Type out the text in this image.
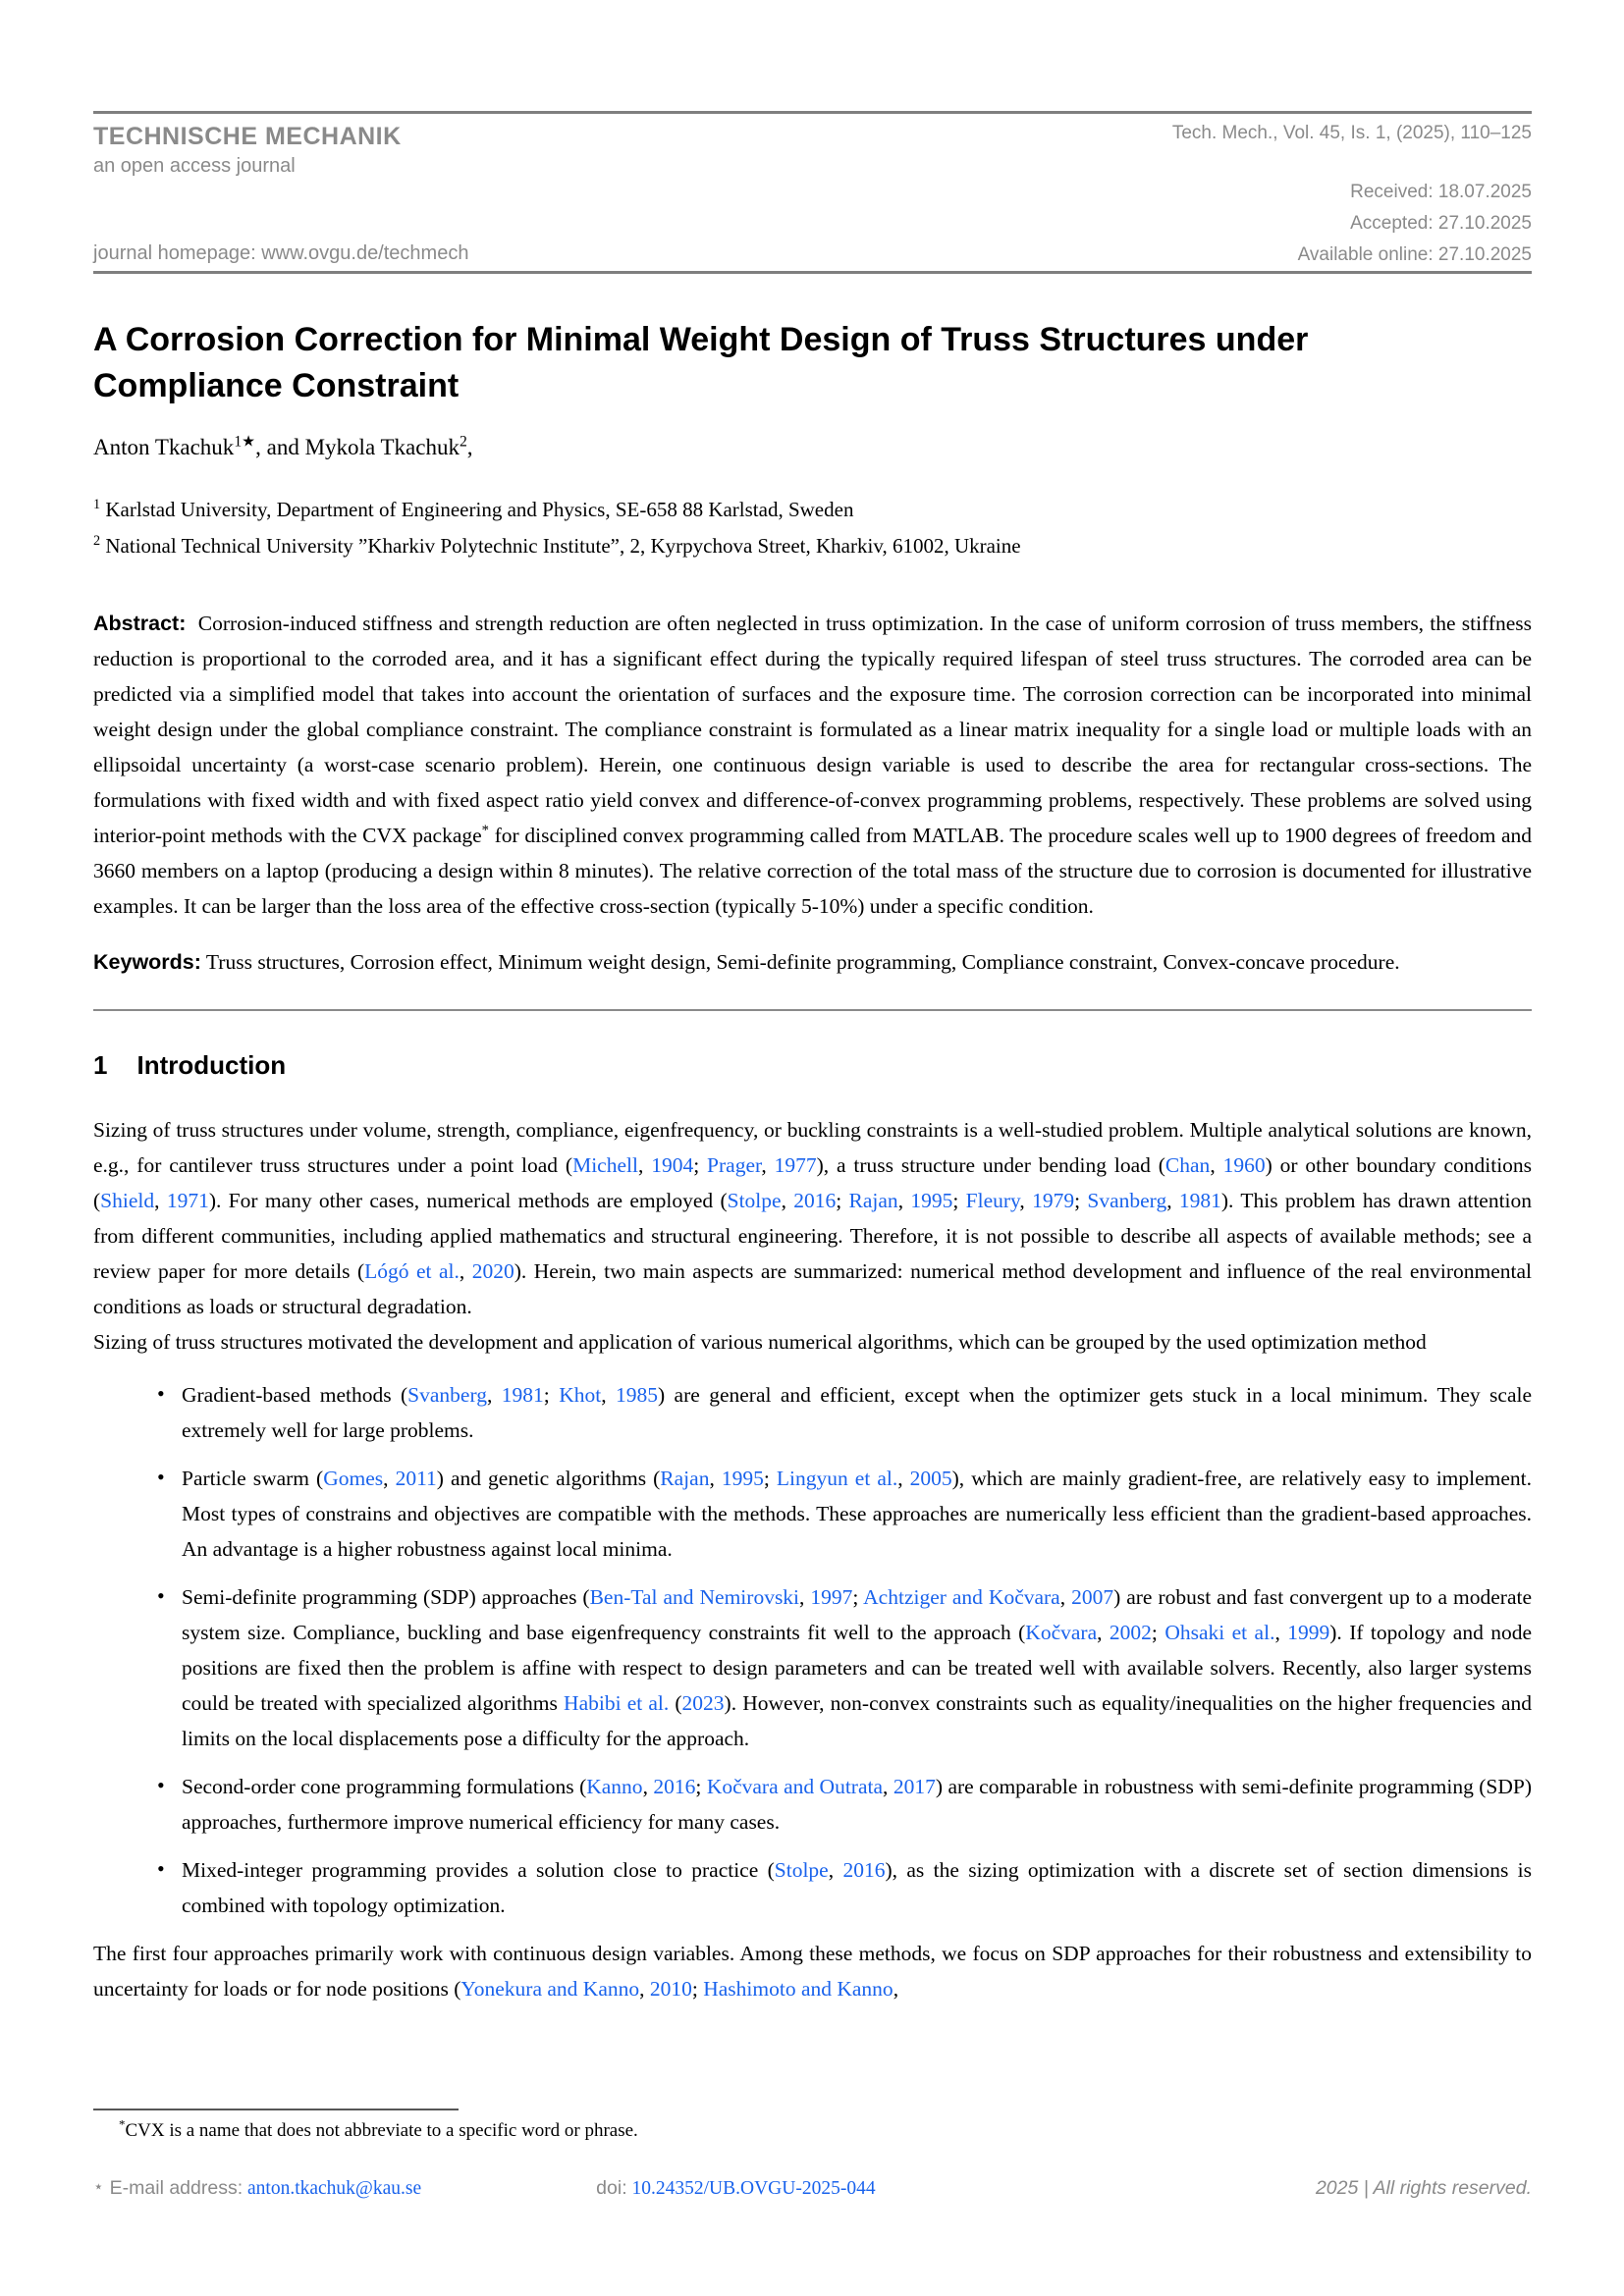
TECHNISCHE MECHANIK
an open access journal
journal homepage: www.ovgu.de/techmech
Tech. Mech., Vol. 45, Is. 1, (2025), 110–125
Received: 18.07.2025
Accepted: 27.10.2025
Available online: 27.10.2025
A Corrosion Correction for Minimal Weight Design of Truss Structures under Compliance Constraint
Anton Tkachuk$^{1★}$, and Mykola Tkachuk$^2$,
$^1$ Karlstad University, Department of Engineering and Physics, SE-658 88 Karlstad, Sweden
$^2$ National Technical University ”Kharkiv Polytechnic Institute”, 2, Kyrpychova Street, Kharkiv, 61002, Ukraine

Abstract: Corrosion-induced stiffness and strength reduction are often neglected in truss optimization. In the case of uniform corrosion of truss members, the stiffness reduction is proportional to the corroded area, and it has a significant effect during the typically required lifespan of steel truss structures. The corroded area can be predicted via a simplified model that takes into account the orientation of surfaces and the exposure time. The corrosion correction can be incorporated into minimal weight design under the global compliance constraint. The compliance constraint is formulated as a linear matrix inequality for a single load or multiple loads with an ellipsoidal uncertainty (a worst-case scenario problem). Herein, one continuous design variable is used to describe the area for rectangular cross-sections. The formulations with fixed width and with fixed aspect ratio yield convex and difference-of-convex programming problems, respectively. These problems are solved using interior-point methods with the CVX package* for disciplined convex programming called from MATLAB. The procedure scales well up to 1900 degrees of freedom and 3660 members on a laptop (producing a design within 8 minutes). The relative correction of the total mass of the structure due to corrosion is documented for illustrative examples. It can be larger than the loss area of the effective cross-section (typically 5-10%) under a specific condition.

Keywords: Truss structures, Corrosion effect, Minimum weight design, Semi-definite programming, Compliance constraint, Convex-concave procedure.

1 Introduction

Sizing of truss structures under volume, strength, compliance, eigenfrequency, or buckling constraints is a well-studied problem. Multiple analytical solutions are known, e.g., for cantilever truss structures under a point load (Michell, 1904; Prager, 1977), a truss structure under bending load (Chan, 1960) or other boundary conditions (Shield, 1971). For many other cases, numerical methods are employed (Stolpe, 2016; Rajan, 1995; Fleury, 1979; Svanberg, 1981). This problem has drawn attention from different communities, including applied mathematics and structural engineering. Therefore, it is not possible to describe all aspects of available methods; see a review paper for more details (Lógó et al., 2020). Herein, two main aspects are summarized: numerical method development and influence of the real environmental conditions as loads or structural degradation.

Sizing of truss structures motivated the development and application of various numerical algorithms, which can be grouped by the used optimization method

• Gradient-based methods (Svanberg, 1981; Khot, 1985) are general and efficient, except when the optimizer gets stuck in a local minimum. They scale extremely well for large problems.
• Particle swarm (Gomes, 2011) and genetic algorithms (Rajan, 1995; Lingyun et al., 2005), which are mainly gradient-free, are relatively easy to implement. Most types of constrains and objectives are compatible with the methods. These approaches are numerically less efficient than the gradient-based approaches. An advantage is a higher robustness against local minima.
• Semi-definite programming (SDP) approaches (Ben-Tal and Nemirovski, 1997; Achtziger and Kočvara, 2007) are robust and fast convergent up to a moderate system size. Compliance, buckling and base eigenfrequency constraints fit well to the approach (Kočvara, 2002; Ohsaki et al., 1999). If topology and node positions are fixed then the problem is affine with respect to design parameters and can be treated well with available solvers. Recently, also larger systems could be treated with specialized algorithms Habibi et al. (2023). However, non-convex constraints such as equality/inequalities on the higher frequencies and limits on the local displacements pose a difficulty for the approach.
• Second-order cone programming formulations (Kanno, 2016; Kočvara and Outrata, 2017) are comparable in robustness with semi-definite programming (SDP) approaches, furthermore improve numerical efficiency for many cases.
• Mixed-integer programming provides a solution close to practice (Stolpe, 2016), as the sizing optimization with a discrete set of section dimensions is combined with topology optimization.

The first four approaches primarily work with continuous design variables. Among these methods, we focus on SDP approaches for their robustness and extensibility to uncertainty for loads or for node positions (Yonekura and Kanno, 2010; Hashimoto and Kanno,

*CVX is a name that does not abbreviate to a specific word or phrase.
⋆ E-mail address:
anton.tkachuk@kau.se	doi:
10.24352/UB.OVGU-2025-044	2025 | All rights reserved.
